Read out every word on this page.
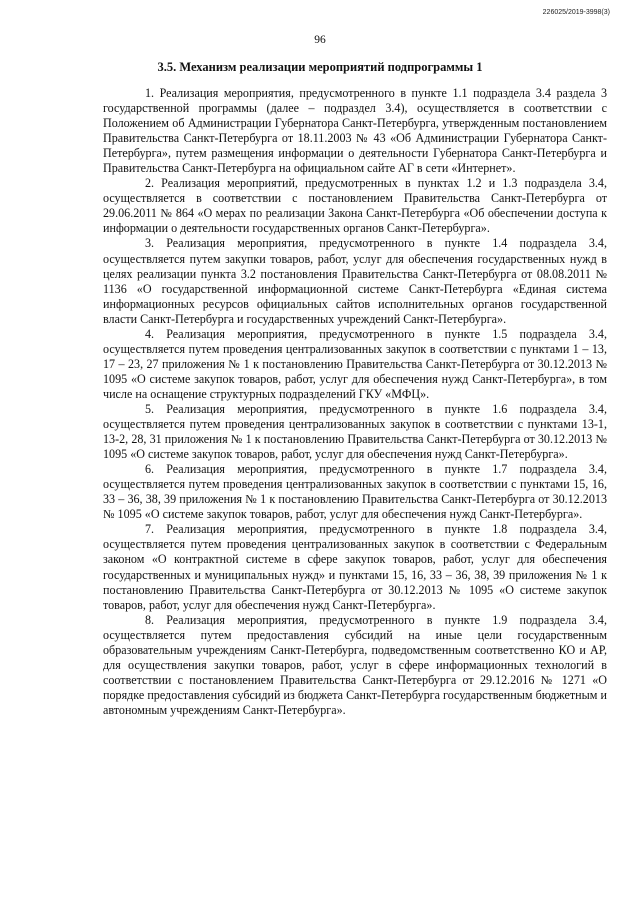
226025/2019-3998(3)
96
3.5. Механизм реализации мероприятий подпрограммы 1

1. Реализация мероприятия, предусмотренного в пункте 1.1 подраздела 3.4 раздела 3 государственной программы (далее – подраздел 3.4), осуществляется в соответствии с Положением об Администрации Губернатора Санкт-Петербурга, утвержденным постановлением Правительства Санкт-Петербурга от 18.11.2003 № 43 «Об Администрации Губернатора Санкт-Петербурга», путем размещения информации о деятельности Губернатора Санкт-Петербурга и Правительства Санкт-Петербурга на официальном сайте АГ в сети «Интернет».

2. Реализация мероприятий, предусмотренных в пунктах 1.2 и 1.3 подраздела 3.4, осуществляется в соответствии с постановлением Правительства Санкт-Петербурга от 29.06.2011 № 864 «О мерах по реализации Закона Санкт-Петербурга «Об обеспечении доступа к информации о деятельности государственных органов Санкт-Петербурга».

3. Реализация мероприятия, предусмотренного в пункте 1.4 подраздела 3.4, осуществляется путем закупки товаров, работ, услуг для обеспечения государственных нужд в целях реализации пункта 3.2 постановления Правительства Санкт-Петербурга от 08.08.2011 № 1136 «О государственной информационной системе Санкт-Петербурга «Единая система информационных ресурсов официальных сайтов исполнительных органов государственной власти Санкт-Петербурга и государственных учреждений Санкт-Петербурга».

4. Реализация мероприятия, предусмотренного в пункте 1.5 подраздела 3.4, осуществляется путем проведения централизованных закупок в соответствии с пунктами 1 – 13, 17 – 23, 27 приложения № 1 к постановлению Правительства Санкт-Петербурга от 30.12.2013 № 1095 «О системе закупок товаров, работ, услуг для обеспечения нужд Санкт-Петербурга», в том числе на оснащение структурных подразделений ГКУ «МФЦ».

5. Реализация мероприятия, предусмотренного в пункте 1.6 подраздела 3.4, осуществляется путем проведения централизованных закупок в соответствии с пунктами 13-1, 13-2, 28, 31 приложения № 1 к постановлению Правительства Санкт-Петербурга от 30.12.2013 № 1095 «О системе закупок товаров, работ, услуг для обеспечения нужд Санкт-Петербурга».

6. Реализация мероприятия, предусмотренного в пункте 1.7 подраздела 3.4, осуществляется путем проведения централизованных закупок в соответствии с пунктами 15, 16, 33 – 36, 38, 39 приложения № 1 к постановлению Правительства Санкт-Петербурга от 30.12.2013 № 1095 «О системе закупок товаров, работ, услуг для обеспечения нужд Санкт-Петербурга».

7. Реализация мероприятия, предусмотренного в пункте 1.8 подраздела 3.4, осуществляется путем проведения централизованных закупок в соответствии с Федеральным законом «О контрактной системе в сфере закупок товаров, работ, услуг для обеспечения государственных и муниципальных нужд» и пунктами 15, 16, 33 – 36, 38, 39 приложения № 1 к постановлению Правительства Санкт-Петербурга от 30.12.2013 № 1095 «О системе закупок товаров, работ, услуг для обеспечения нужд Санкт-Петербурга».

8. Реализация мероприятия, предусмотренного в пункте 1.9 подраздела 3.4, осуществляется путем предоставления субсидий на иные цели государственным образовательным учреждениям Санкт-Петербурга, подведомственным соответственно КО и АР, для осуществления закупки товаров, работ, услуг в сфере информационных технологий в соответствии с постановлением Правительства Санкт-Петербурга от 29.12.2016 № 1271 «О порядке предоставления субсидий из бюджета Санкт-Петербурга государственным бюджетным и автономным учреждениям Санкт-Петербурга».
